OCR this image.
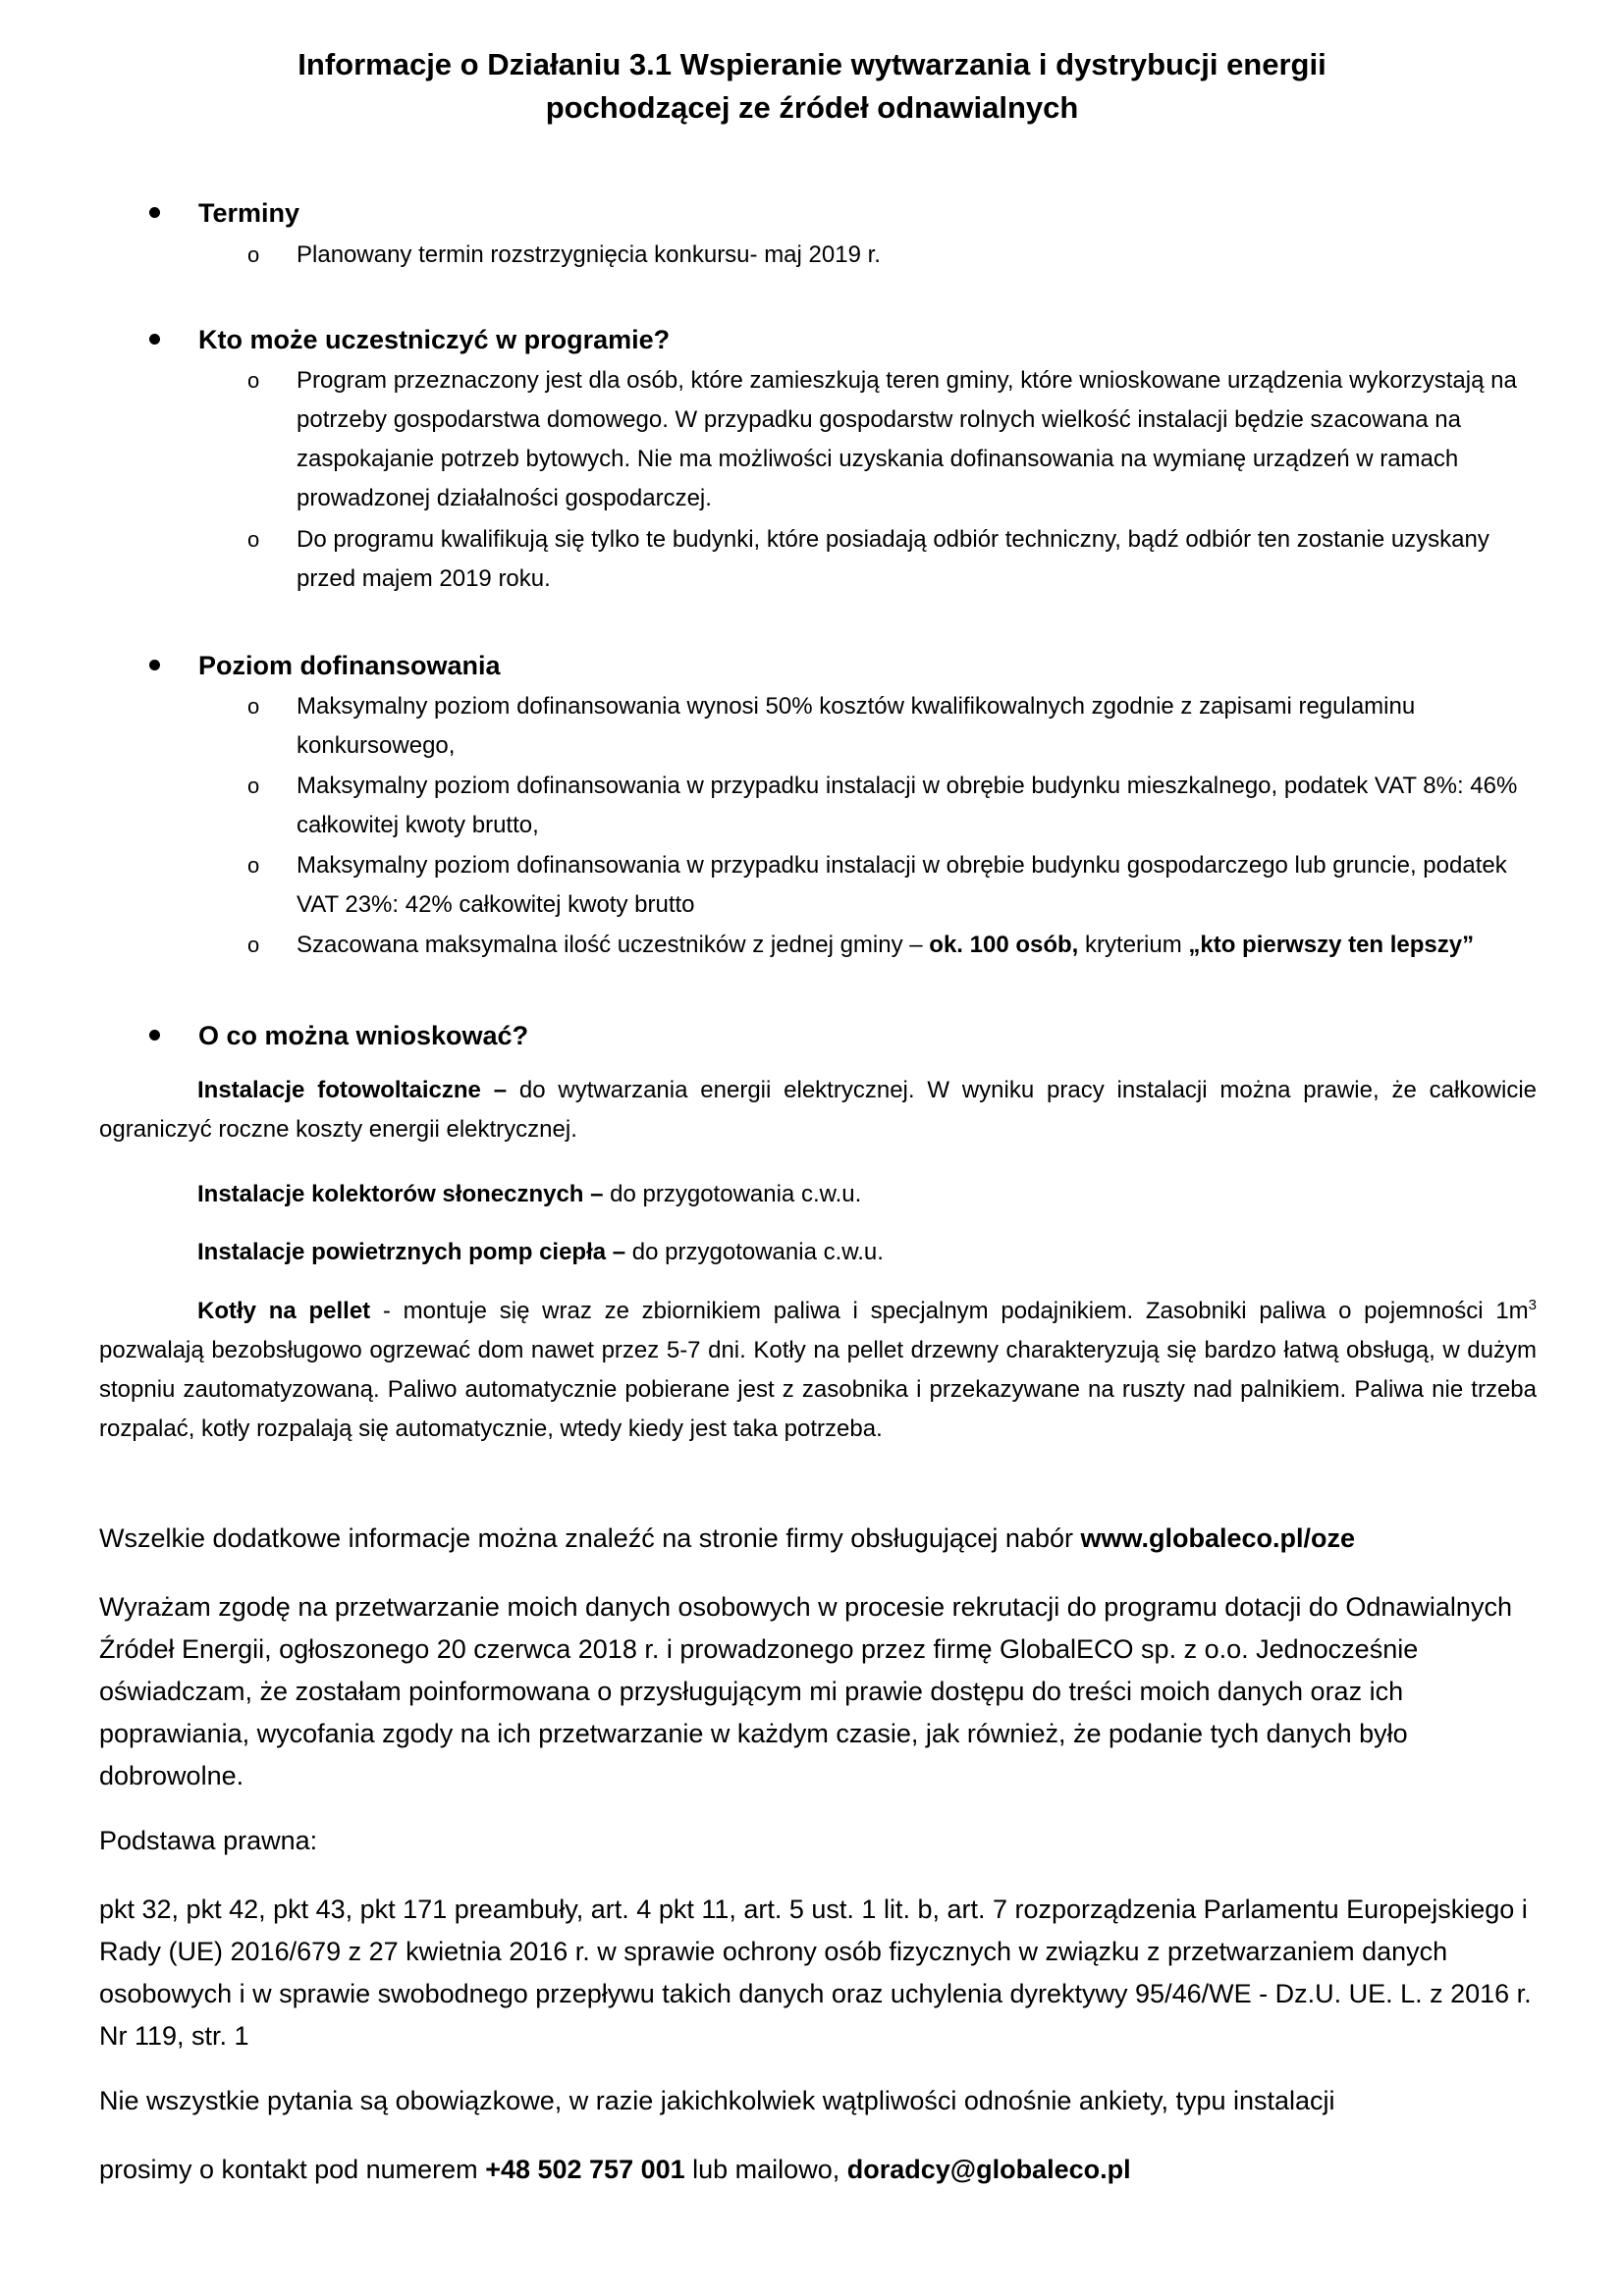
Informacje o Działaniu 3.1 Wspieranie wytwarzania i dystrybucji energii
pochodzącej ze źródeł odnawialnych
Terminy
o Planowany termin rozstrzygnięcia konkursu- maj 2019 r.
Kto może uczestniczyć w programie?
o Program przeznaczony jest dla osób, które zamieszkują teren gminy, które wnioskowane urządzenia wykorzystają na potrzeby gospodarstwa domowego. W przypadku gospodarstw rolnych wielkość instalacji będzie szacowana na zaspokajanie potrzeb bytowych. Nie ma możliwości uzyskania dofinansowania na wymianę urządzeń w ramach prowadzonej działalności gospodarczej.
o Do programu kwalifikują się tylko te budynki, które posiadają odbiór techniczny, bądź odbiór ten zostanie uzyskany przed majem 2019 roku.
Poziom dofinansowania
o Maksymalny poziom dofinansowania wynosi 50% kosztów kwalifikowalnych zgodnie z zapisami regulaminu konkursowego,
o Maksymalny poziom dofinansowania w przypadku instalacji w obrębie budynku mieszkalnego, podatek VAT 8%: 46% całkowitej kwoty brutto,
o Maksymalny poziom dofinansowania w przypadku instalacji w obrębie budynku gospodarczego lub gruncie, podatek VAT 23%: 42% całkowitej kwoty brutto
o Szacowana maksymalna ilość uczestników z jednej gminy – ok. 100 osób, kryterium „kto pierwszy ten lepszy”
O co można wnioskować?
Instalacje fotowoltaiczne – do wytwarzania energii elektrycznej. W wyniku pracy instalacji można prawie, że całkowicie ograniczyć roczne koszty energii elektrycznej.
Instalacje kolektorów słonecznych – do przygotowania c.w.u.
Instalacje powietrznych pomp ciepła – do przygotowania c.w.u.
Kotły na pellet - montuje się wraz ze zbiornikiem paliwa i specjalnym podajnikiem. Zasobniki paliwa o pojemności $1m^3$ pozwalają bezobsługowo ogrzewać dom nawet przez 5-7 dni. Kotły na pellet drzewny charakteryzują się bardzo łatwą obsługą, w dużym stopniu zautomatyzowaną. Paliwo automatycznie pobierane jest z zasobnika i przekazywane na ruszty nad palnikiem. Paliwa nie trzeba rozpalać, kotły rozpalają się automatycznie, wtedy kiedy jest taka potrzeba.
Wszelkie dodatkowe informacje można znaleźć na stronie firmy obsługującej nabór www.globaleco.pl/oze
Wyrażam zgodę na przetwarzanie moich danych osobowych w procesie rekrutacji do programu dotacji do Odnawialnych Źródeł Energii, ogłoszonego 20 czerwca 2018 r. i prowadzonego przez firmę GlobalECO sp. z o.o. Jednocześnie oświadczam, że zostałam poinformowana o przysługującym mi prawie dostępu do treści moich danych oraz ich poprawiania, wycofania zgody na ich przetwarzanie w każdym czasie, jak również, że podanie tych danych było dobrowolne.
Podstawa prawna:
pkt 32, pkt 42, pkt 43, pkt 171 preambuły, art. 4 pkt 11, art. 5 ust. 1 lit. b, art. 7 rozporządzenia Parlamentu Europejskiego i Rady (UE) 2016/679 z 27 kwietnia 2016 r. w sprawie ochrony osób fizycznych w związku z przetwarzaniem danych osobowych i w sprawie swobodnego przepływu takich danych oraz uchylenia dyrektywy 95/46/WE - Dz.U. UE. L. z 2016 r. Nr 119, str. 1
Nie wszystkie pytania są obowiązkowe, w razie jakichkolwiek wątpliwości odnośnie ankiety, typu instalacji
prosimy o kontakt pod numerem +48 502 757 001 lub mailowo, doradcy@globaleco.pl
